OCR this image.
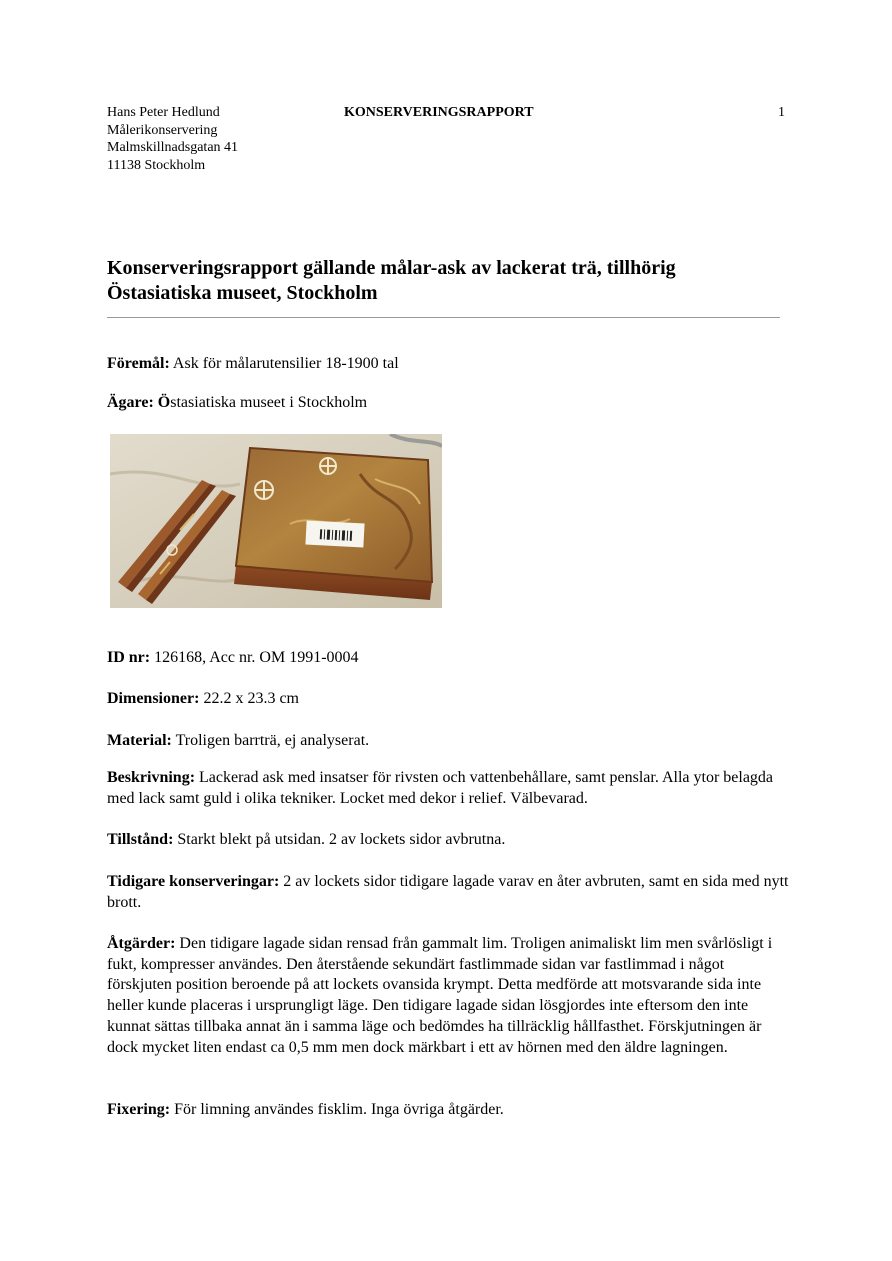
Hans Peter Hedlund
Målerikonservering
Malmskillnadsgatan 41
11138 Stockholm
KONSERVERINGSRAPPORT	1
Konserveringsrapport gällande målar-ask av lackerat trä, tillhörig
Östasiatiska museet, Stockholm
Föremål: Ask för målarutensilier 18-1900 tal
Ägare: Östasiatiska museet i Stockholm
ID nr: 126168, Acc nr. OM 1991-0004
Dimensioner: 22.2 x 23.3 cm
Material: Troligen barrträ, ej analyserat.
Beskrivning: Lackerad ask med insatser för rivsten och vattenbehållare, samt penslar. Alla ytor belagda med lack samt guld i olika tekniker. Locket med dekor i relief. Välbevarad.
Tillstånd: Starkt blekt på utsidan. 2 av lockets sidor avbrutna.
Tidigare konserveringar: 2 av lockets sidor tidigare lagade varav en åter avbruten, samt en sida med nytt brott.
Åtgärder: Den tidigare lagade sidan rensad från gammalt lim. Troligen animaliskt lim men svårlösligt i fukt, kompresser användes. Den återstående sekundärt fastlimmade sidan var fastlimmad i något förskjuten position beroende på att lockets ovansida krympt. Detta medförde att motsvarande sida inte heller kunde placeras i ursprungligt läge. Den tidigare lagade sidan lösgjordes inte eftersom den inte kunnat sättas tillbaka annat än i samma läge och bedömdes ha tillräcklig hållfasthet. Förskjutningen är dock mycket liten endast ca 0,5 mm men dock märkbart i ett av hörnen med den äldre lagningen.
Fixering: För limning användes fisklim. Inga övriga åtgärder.
